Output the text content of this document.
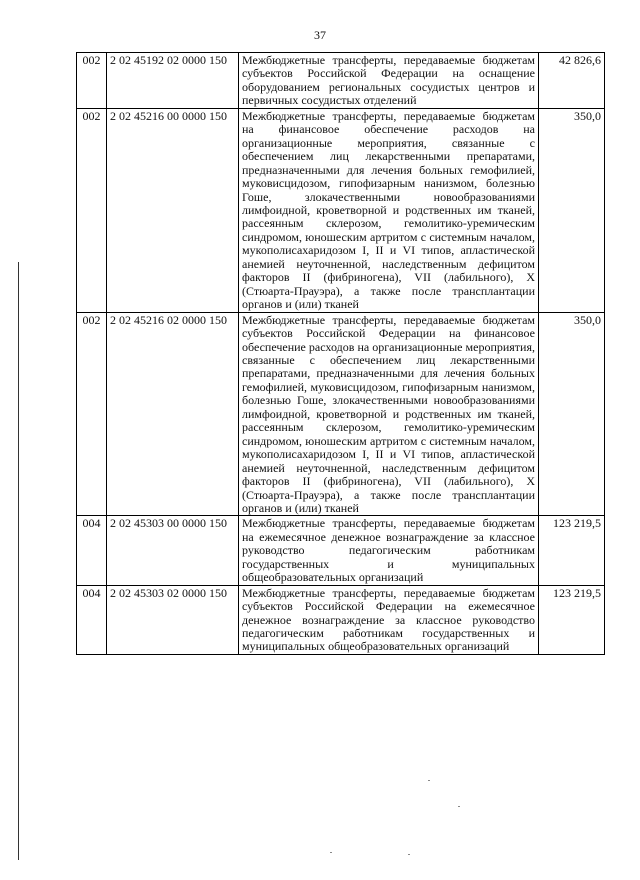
37
002	2 02 45192 02 0000 150	Межбюджетные трансферты, передаваемые бюджетам субъектов Российской Федерации на оснащение оборудованием региональных сосудистых центров и первичных сосудистых отделений	42 826,6
002	2 02 45216 00 0000 150	Межбюджетные трансферты, передаваемые бюджетам на финансовое обеспечение расходов на организационные мероприятия, связанные с обеспечением лиц лекарственными препаратами, предназначенными для лечения больных гемофилией, муковисцидозом, гипофизарным нанизмом, болезнью Гоше, злокачественными новообразованиями лимфоидной, кроветворной и родственных им тканей, рассеянным склерозом, гемолитико-уремическим синдромом, юношеским артритом с системным началом, мукополисахаридозом I, II и VI типов, апластической анемией неуточненной, наследственным дефицитом факторов II (фибриногена), VII (лабильного), X (Стюарта-Прауэра), а также после трансплантации органов и (или) тканей	350,0
002	2 02 45216 02 0000 150	Межбюджетные трансферты, передаваемые бюджетам субъектов Российской Федерации на финансовое обеспечение расходов на организационные мероприятия, связанные с обеспечением лиц лекарственными препаратами, предназначенными для лечения больных гемофилией, муковисцидозом, гипофизарным нанизмом, болезнью Гоше, злокачественными новообразованиями лимфоидной, кроветворной и родственных им тканей, рассеянным склерозом, гемолитико-уремическим синдромом, юношеским артритом с системным началом, мукополисахаридозом I, II и VI типов, апластической анемией неуточненной, наследственным дефицитом факторов II (фибриногена), VII (лабильного), X (Стюарта-Прауэра), а также после трансплантации органов и (или) тканей	350,0
004	2 02 45303 00 0000 150	Межбюджетные трансферты, передаваемые бюджетам на ежемесячное денежное вознаграждение за классное руководство педагогическим работникам государственных и муниципальных общеобразовательных организаций	123 219,5
004	2 02 45303 02 0000 150	Межбюджетные трансферты, передаваемые бюджетам субъектов Российской Федерации на ежемесячное денежное вознаграждение за классное руководство педагогическим работникам государственных и муниципальных общеобразовательных организаций	123 219,5
